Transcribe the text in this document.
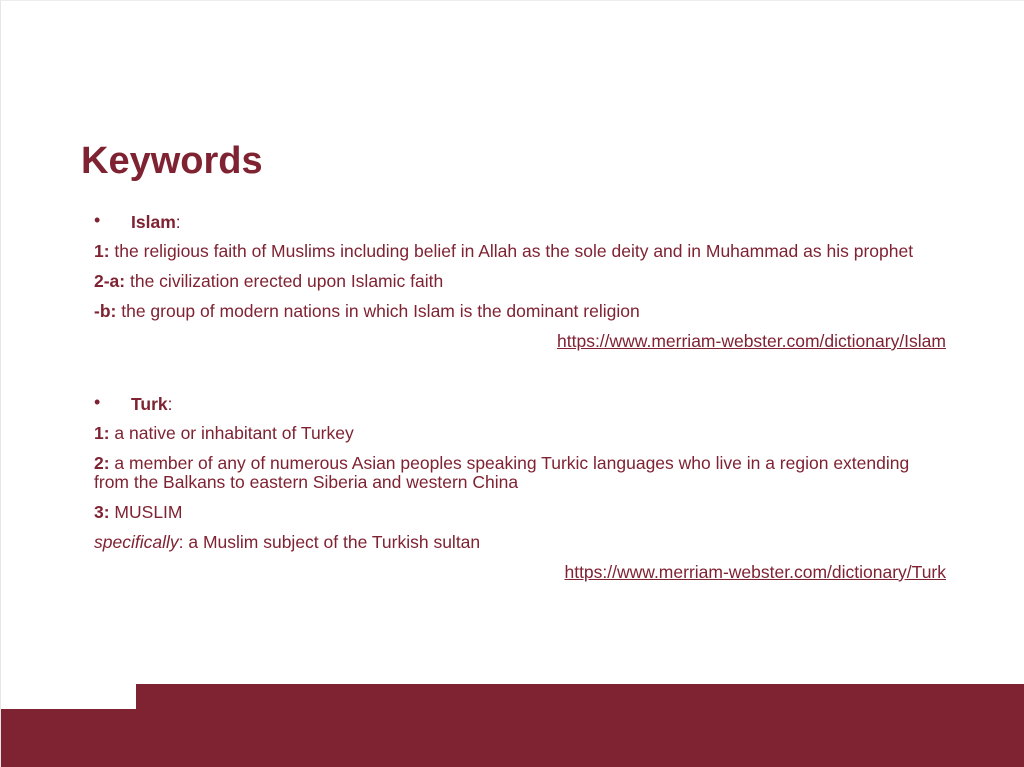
Keywords
• Islam:

1: the religious faith of Muslims including belief in Allah as the sole deity and in Muhammad as his prophet

2-a: the civilization erected upon Islamic faith

-b: the group of modern nations in which Islam is the dominant religion

https://www.merriam-webster.com/dictionary/Islam
• Turk:

1: a native or inhabitant of Turkey

2: a member of any of numerous Asian peoples speaking Turkic languages who live in a region extending from the Balkans to eastern Siberia and western China

3: MUSLIM

specifically: a Muslim subject of the Turkish sultan

https://www.merriam-webster.com/dictionary/Turk
